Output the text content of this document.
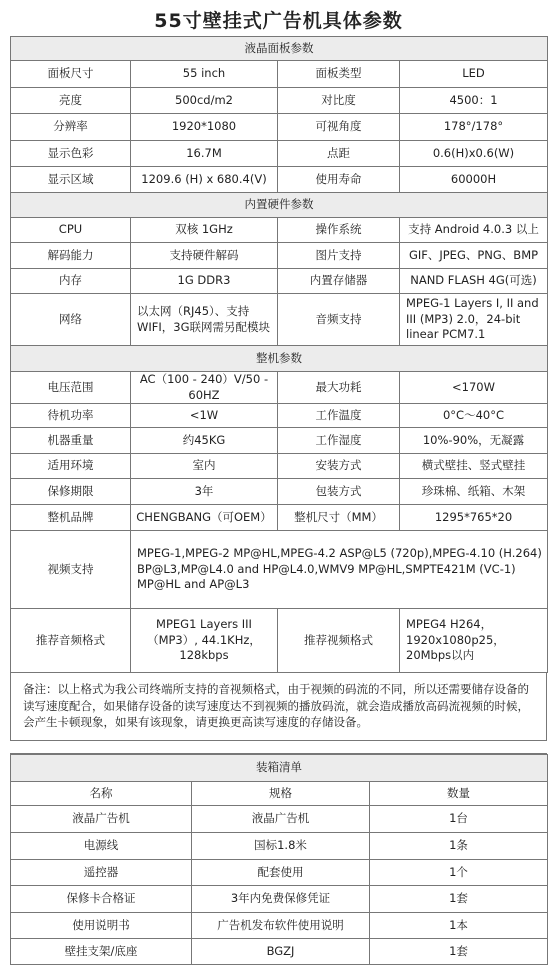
55寸壁挂式广告机具体参数
液晶面板参数			
面板尺寸	55 inch	面板类型	LED
亮度	500cd/m2	对比度	4500：1
分辨率	1920*1080	可视角度	178°/178°
显示色彩	16.7M	点距	0.6(H)x0.6(W)
显示区域	1209.6 (H) x 680.4(V)	使用寿命	60000H
内置硬件参数			
CPU	双核 1GHz	操作系统	支持 Android 4.0.3 以上
解码能力	支持硬件解码	图片支持	GIF、JPEG、PNG、BMP
内存	1G DDR3	内置存储器	NAND FLASH 4G(可选)
网络	以太网（RJ45）、支持WIFI，3G联网需另配模块	音频支持	MPEG-1 Layers I, II and III (MP3) 2.0，24-bit linear PCM7.1
整机参数			
电压范围	AC（100 - 240）V/50 - 60HZ	最大功耗	<170W
待机功率	<1W	工作温度	0°C～40°C
机器重量	约45KG	工作湿度	10%-90%，无凝露
适用环境	室内	安装方式	横式壁挂、竖式壁挂
保修期限	3年	包装方式	珍珠棉、纸箱、木架
整机品牌	CHENGBANG（可OEM）	整机尺寸（MM）	1295*765*20
视频支持	MPEG-1,MPEG-2 MP@HL,MPEG-4.2 ASP@L5 (720p),MPEG-4.10 (H.264) BP@L3,MP@L4.0 and HP@L4.0,WMV9 MP@HL,SMPTE421M (VC-1) MP@HL and AP@L3		
推荐音频格式	MPEG1 Layers III（MP3）, 44.1KHz，128kbps	推荐视频格式	MPEG4 H264，1920x1080p25，20Mbps以内
备注：以上格式为我公司终端所支持的音视频格式，由于视频的码流的不同，所以还需要储存设备的读写速度配合，如果储存设备的读写速度达不到视频的播放码流，就会造成播放高码流视频的时候，会产生卡顿现象，如果有该现象，请更换更高读写速度的存储设备。
装箱清单		
名称	规格	数量
液晶广告机	液晶广告机	1台
电源线	国标1.8米	1条
遥控器	配套使用	1个
保修卡合格证	3年内免费保修凭证	1套
使用说明书	广告机发布软件使用说明	1本
壁挂支架/底座	BGZJ	1套
